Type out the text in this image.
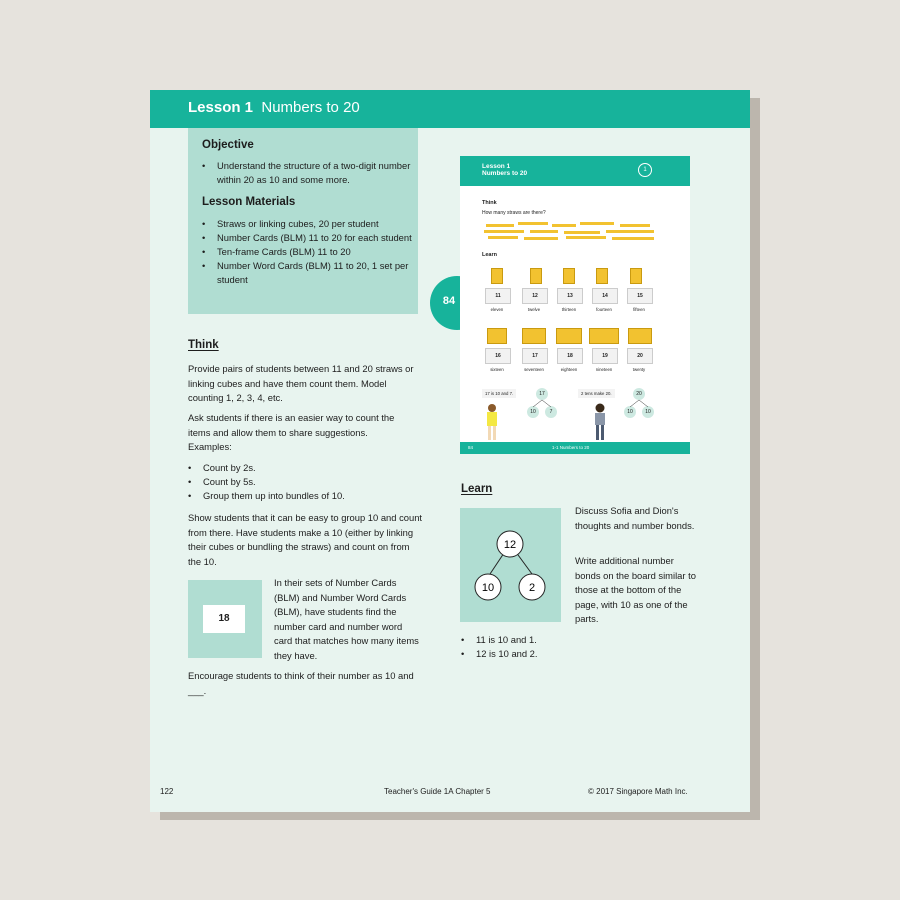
Lesson 1 Numbers to 20
Objective
• Understand the structure of a two-digit number within 20 as 10 and some more.
Lesson Materials
• Straws or linking cubes, 20 per student
• Number Cards (BLM) 11 to 20 for each student
• Ten-frame Cards (BLM) 11 to 20
• Number Word Cards (BLM) 11 to 20, 1 set per student
Think

Provide pairs of students between 11 and 20 straws or linking cubes and have them count them. Model counting 1, 2, 3, 4, etc.

Ask students if there is an easier way to count the items and allow them to share suggestions. Examples:

• Count by 2s.
• Count by 5s.
• Group them up into bundles of 10.

Show students that it can be easy to group 10 and count from there. Have students make a 10 (either by linking their cubes or bundling the straws) and count on from the 10.

18

In their sets of Number Cards (BLM) and Number Word Cards (BLM), have students find the number card and number word card that matches how many items they have.

Encourage students to think of their number as 10 and ___.

84
Lesson 1
Numbers to 20	1
Think
How many straws are there?
Learn
11	12	13	14	15
eleven	twelve	thirteen	fourteen	fifteen
16	17	18	19	20
sixteen	seventeen	eighteen	nineteen	twenty
17 is 10 and 7.	17
10	7
2 tens make 20.	20
10	10
84	1-1 Numbers to 20
Learn
12
10	2

Discuss Sofia and Dion's thoughts and number bonds.

Write additional number bonds on the board similar to those at the bottom of the page, with 10 as one of the parts.

• 11 is 10 and 1.
• 12 is 10 and 2.
122	Teacher's Guide 1A Chapter 5	© 2017 Singapore Math Inc.
